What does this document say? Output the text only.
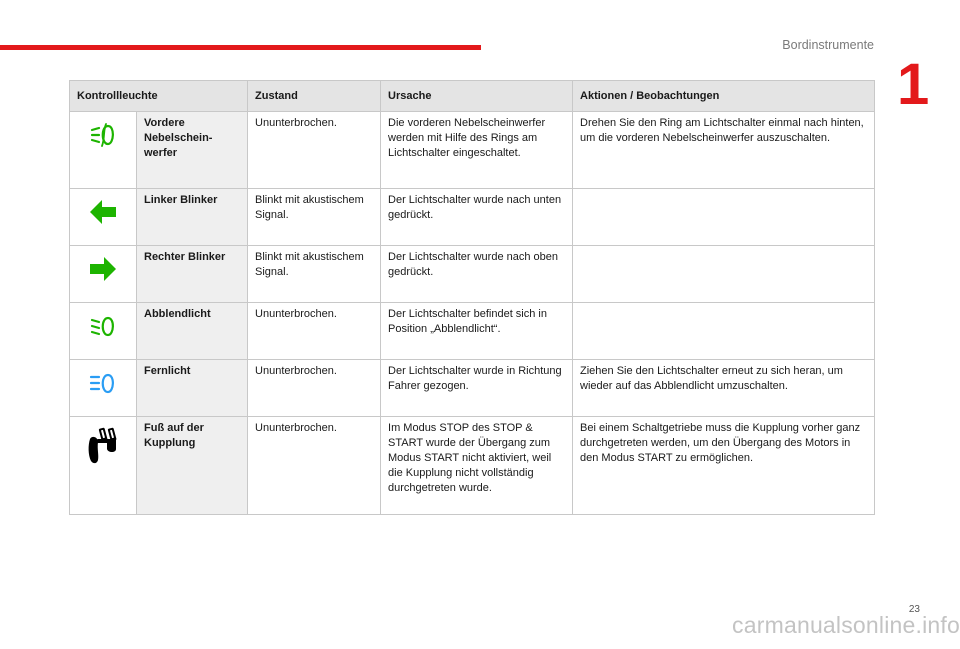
Bordinstrumente
1
Kontrollleuchte		Zustand	Ursache	Aktionen / Beobachtungen

	Vordere Nebelschein-werfer	Ununterbrochen.	Die vorderen Nebelscheinwerfer werden mit Hilfe des Rings am Lichtschalter eingeschaltet.	Drehen Sie den Ring am Lichtschalter einmal nach hinten, um die vorderen Nebelscheinwerfer auszuschalten.

	Linker Blinker	Blinkt mit akustischem Signal.	Der Lichtschalter wurde nach unten gedrückt.	

	Rechter Blinker	Blinkt mit akustischem Signal.	Der Lichtschalter wurde nach oben gedrückt.	

	Abblendlicht	Ununterbrochen.	Der Lichtschalter befindet sich in Position „Abblendlicht“.	

	Fernlicht	Ununterbrochen.	Der Lichtschalter wurde in Richtung Fahrer gezogen.	Ziehen Sie den Lichtschalter erneut zu sich heran, um wieder auf das Abblendlicht umzuschalten.

	Fuß auf der Kupplung	Ununterbrochen.	Im Modus STOP des STOP & START wurde der Übergang zum Modus START nicht aktiviert, weil die Kupplung nicht vollständig durchgetreten wurde.	Bei einem Schaltgetriebe muss die Kupplung vorher ganz durchgetreten werden, um den Übergang des Motors in den Modus START zu ermöglichen.
23
carmanualsonline.info
